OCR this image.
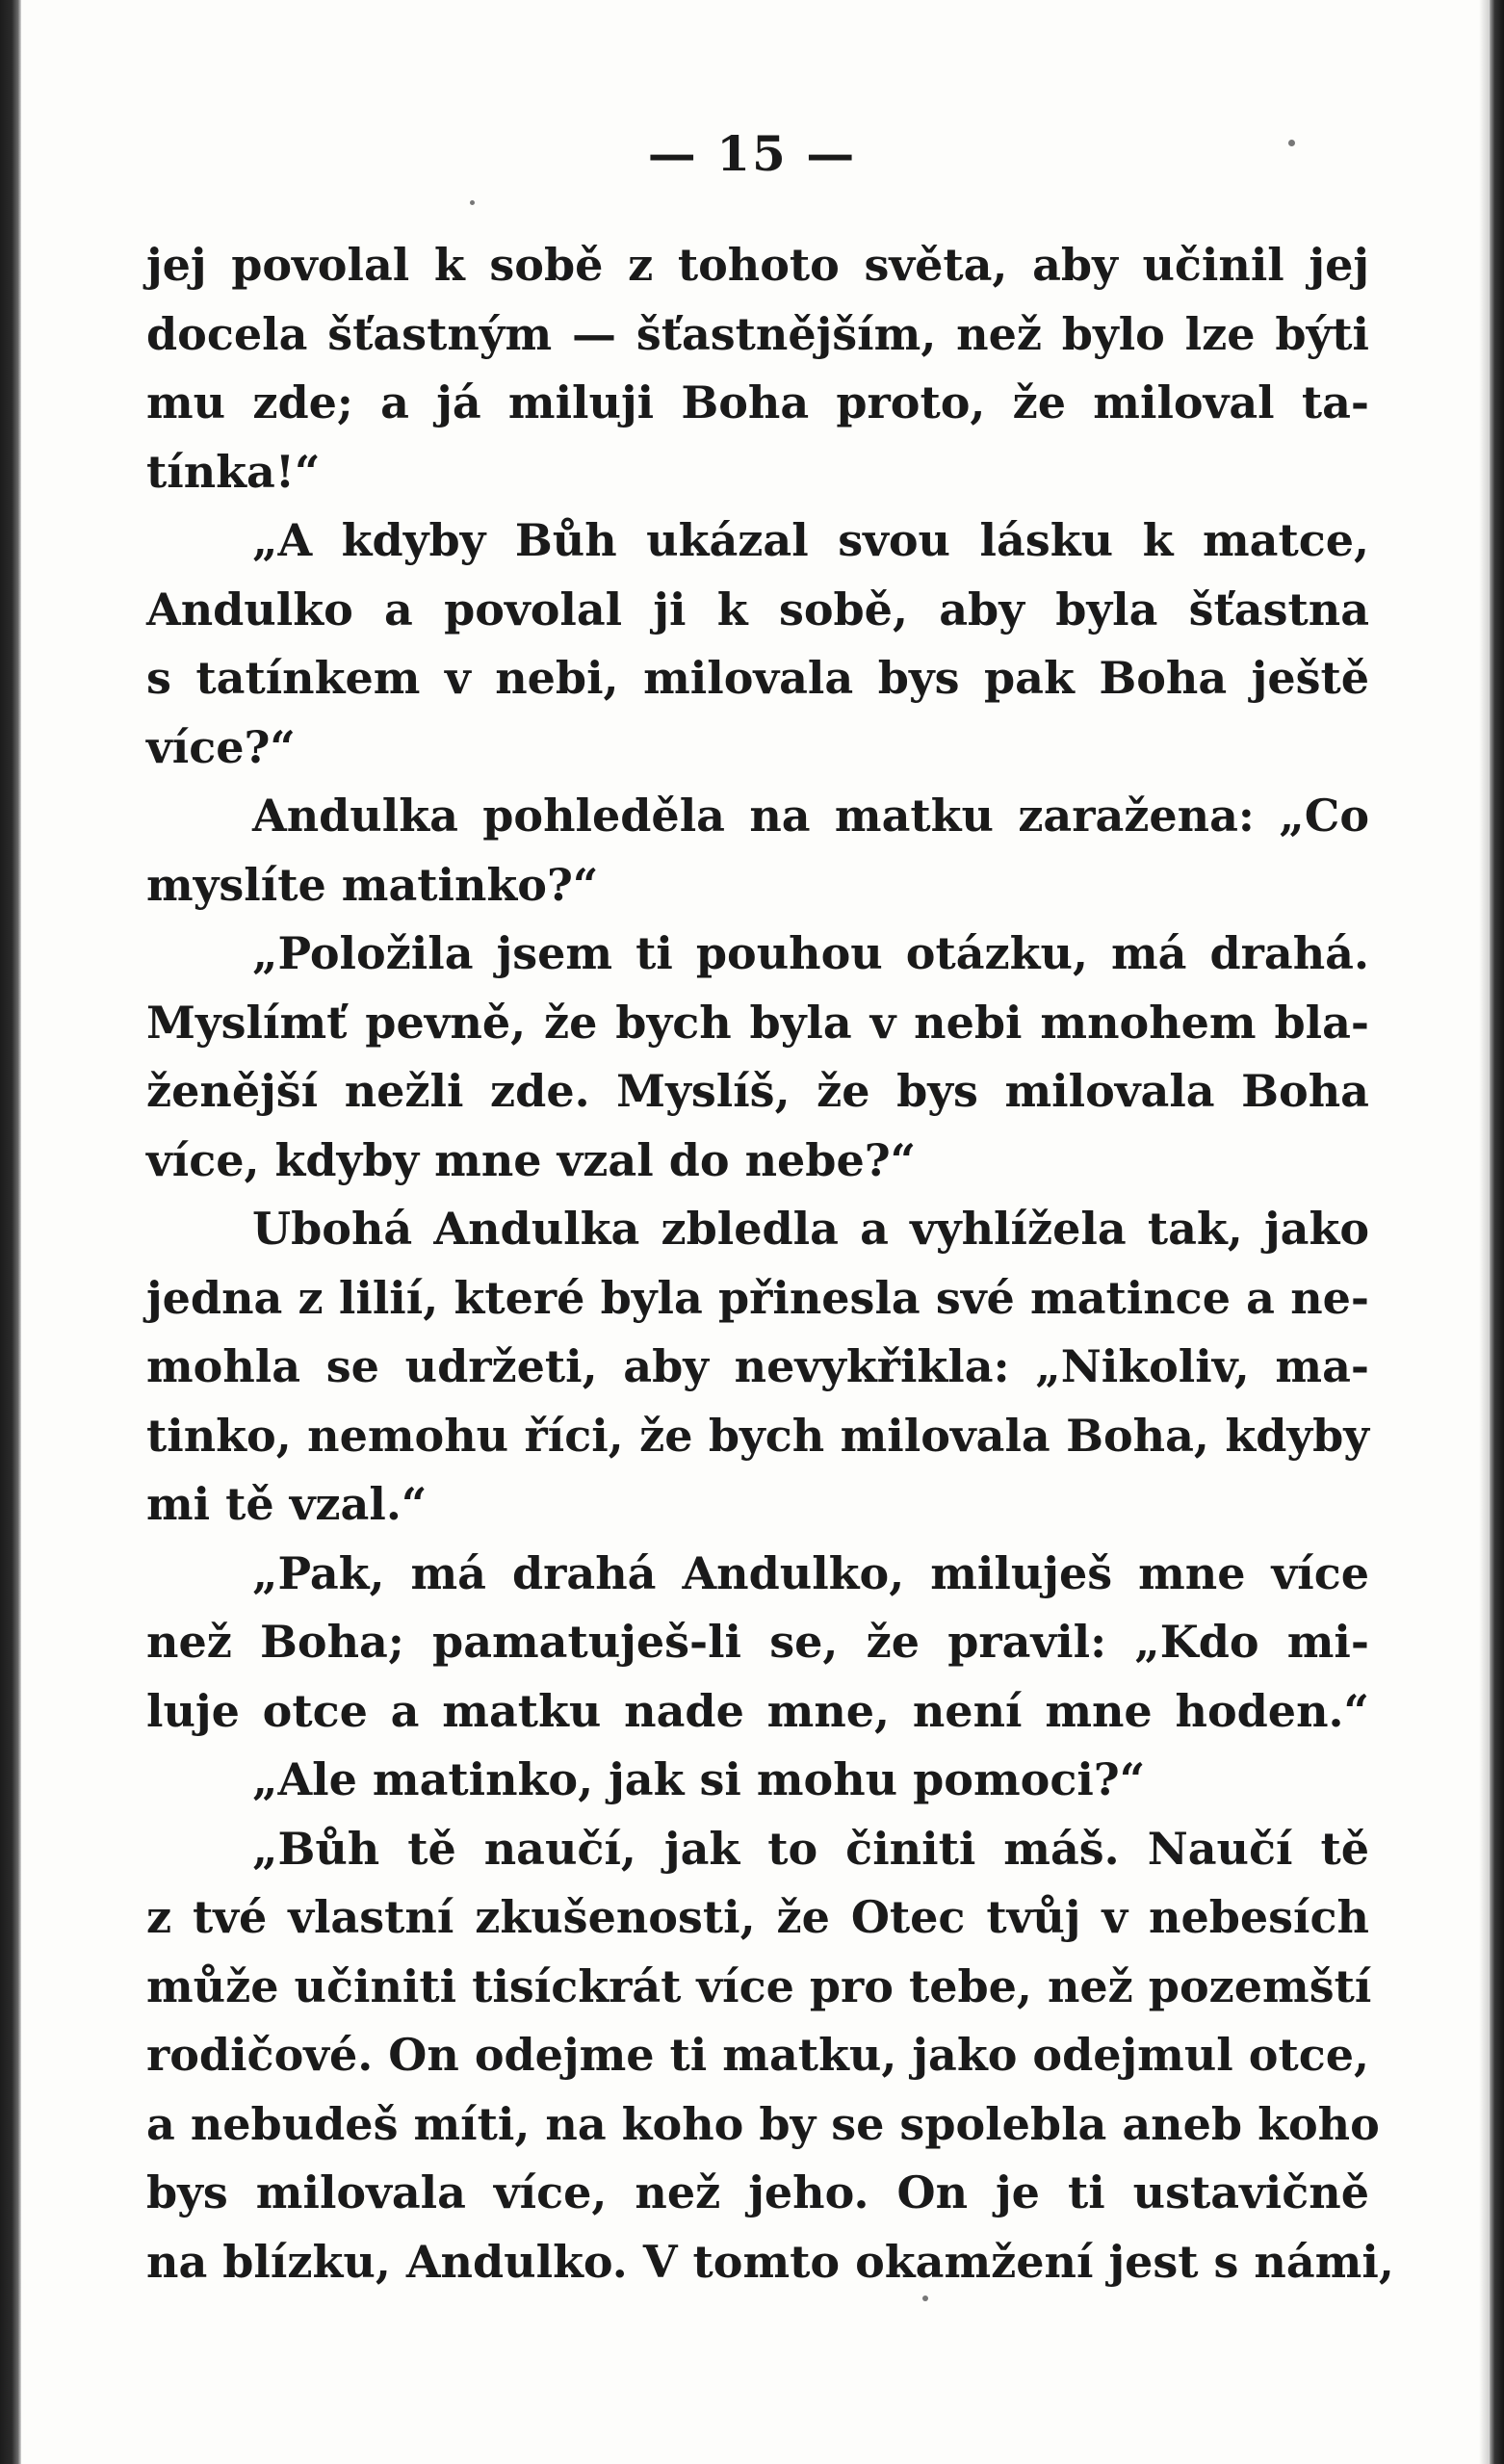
— 15 —
jej povolal k sobě z tohoto světa, aby učinil jej
docela šťastným — šťastnějším, než bylo lze býti
mu zde; a já miluji Boha proto, že miloval ta-
tínka!“
„A kdyby Bůh ukázal svou lásku k matce,
Andulko a povolal ji k sobě, aby byla šťastna
s tatínkem v nebi, milovala bys pak Boha ještě
více?“
Andulka pohleděla na matku zaražena: „Co
myslíte matinko?“
„Položila jsem ti pouhou otázku, má drahá.
Myslímť pevně, že bych byla v nebi mnohem bla-
ženější nežli zde. Myslíš, že bys milovala Boha
více, kdyby mne vzal do nebe?“
Ubohá Andulka zbledla a vyhlížela tak, jako
jedna z lilií, které byla přinesla své matince a ne-
mohla se udržeti, aby nevykřikla: „Nikoliv, ma-
tinko, nemohu říci, že bych milovala Boha, kdyby
mi tě vzal.“
„Pak, má drahá Andulko, miluješ mne více
než Boha; pamatuješ-li se, že pravil: „Kdo mi-
luje otce a matku nade mne, není mne hoden.“
„Ale matinko, jak si mohu pomoci?“
„Bůh tě naučí, jak to činiti máš. Naučí tě
z tvé vlastní zkušenosti, že Otec tvůj v nebesích
může učiniti tisíckrát více pro tebe, než pozemští
rodičové. On odejme ti matku, jako odejmul otce,
a nebudeš míti, na koho by se spolebla aneb koho
bys milovala více, než jeho. On je ti ustavičně
na blízku, Andulko. V tomto okamžení jest s námi,
